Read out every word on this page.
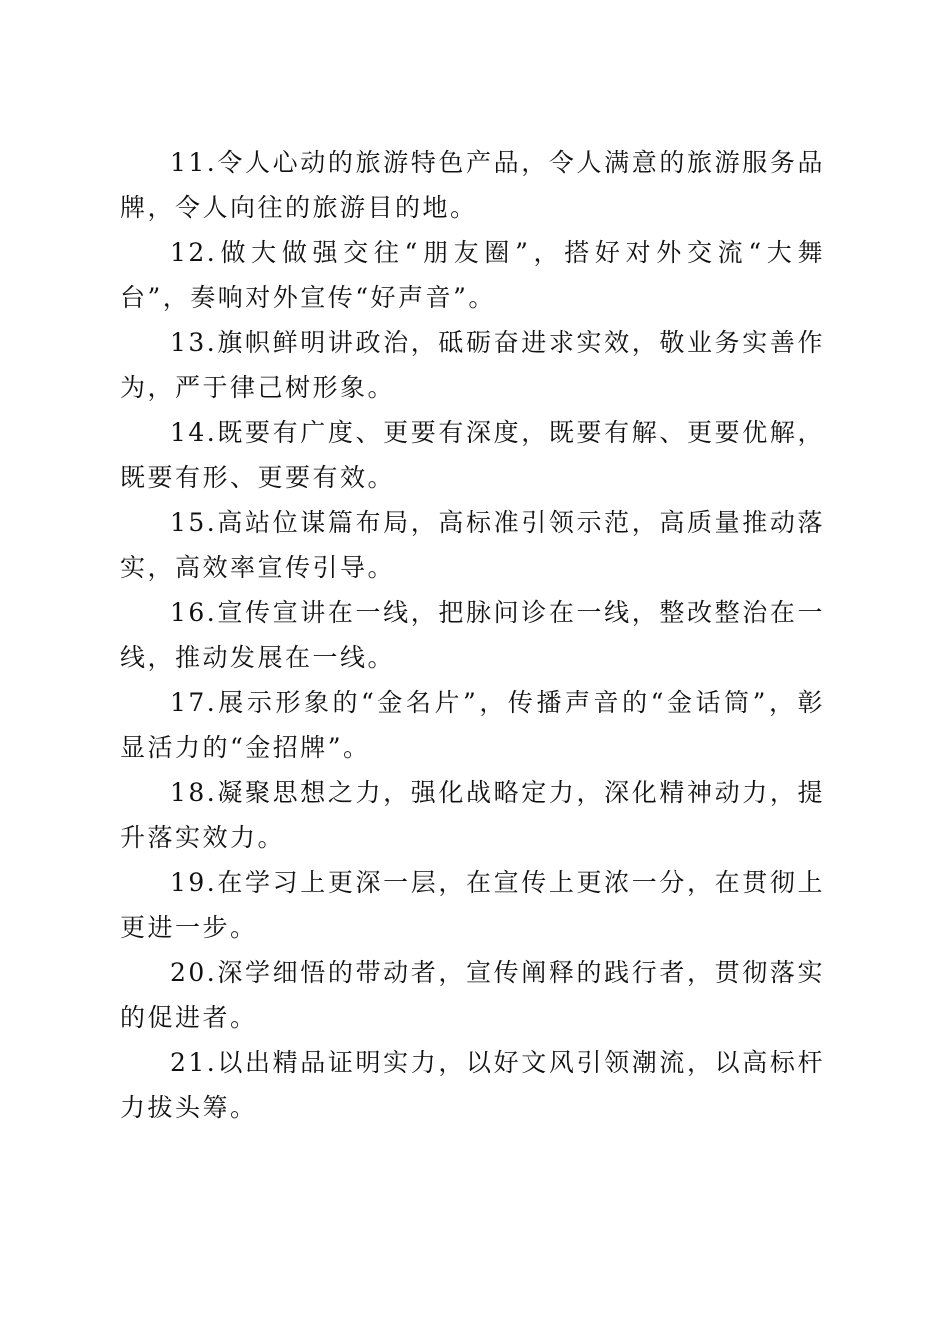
11.令人心动的旅游特色产品，令人满意的旅游服务品牌，令人向往的旅游目的地。

12.做大做强交往“朋友圈”，搭好对外交流“大舞台”，奏响对外宣传“好声音”。

13.旗帜鲜明讲政治，砥砺奋进求实效，敬业务实善作为，严于律己树形象。

14.既要有广度、更要有深度，既要有解、更要优解，既要有形、更要有效。

15.高站位谋篇布局，高标准引领示范，高质量推动落实，高效率宣传引导。

16.宣传宣讲在一线，把脉问诊在一线，整改整治在一线，推动发展在一线。

17.展示形象的“金名片”，传播声音的“金话筒”，彰显活力的“金招牌”。

18.凝聚思想之力，强化战略定力，深化精神动力，提升落实效力。

19.在学习上更深一层，在宣传上更浓一分，在贯彻上更进一步。

20.深学细悟的带动者，宣传阐释的践行者，贯彻落实的促进者。

21.以出精品证明实力，以好文风引领潮流，以高标杆力拔头筹。
